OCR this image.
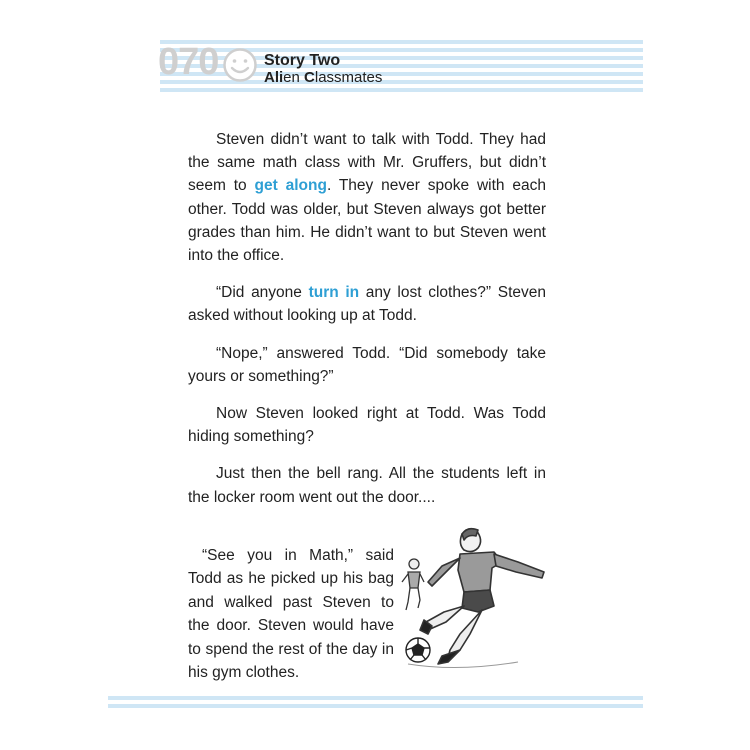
070	Story Two
Alien Classmates

Steven didn’t want to talk with Todd. They had the same math class with Mr. Gruffers, but didn’t seem to get along. They never spoke with each other. Todd was older, but Steven always got better grades than him. He didn’t want to but Steven went into the office.

“Did anyone turn in any lost clothes?” Steven asked without looking up at Todd.

“Nope,” answered Todd. “Did somebody take yours or something?”

Now Steven looked right at Todd. Was Todd hiding something?

Just then the bell rang. All the students left in the locker room went out the door....

“See you in Math,” said Todd as he picked up his bag and walked past Steven to the door. Steven would have to spend the rest of the day in his gym clothes.
